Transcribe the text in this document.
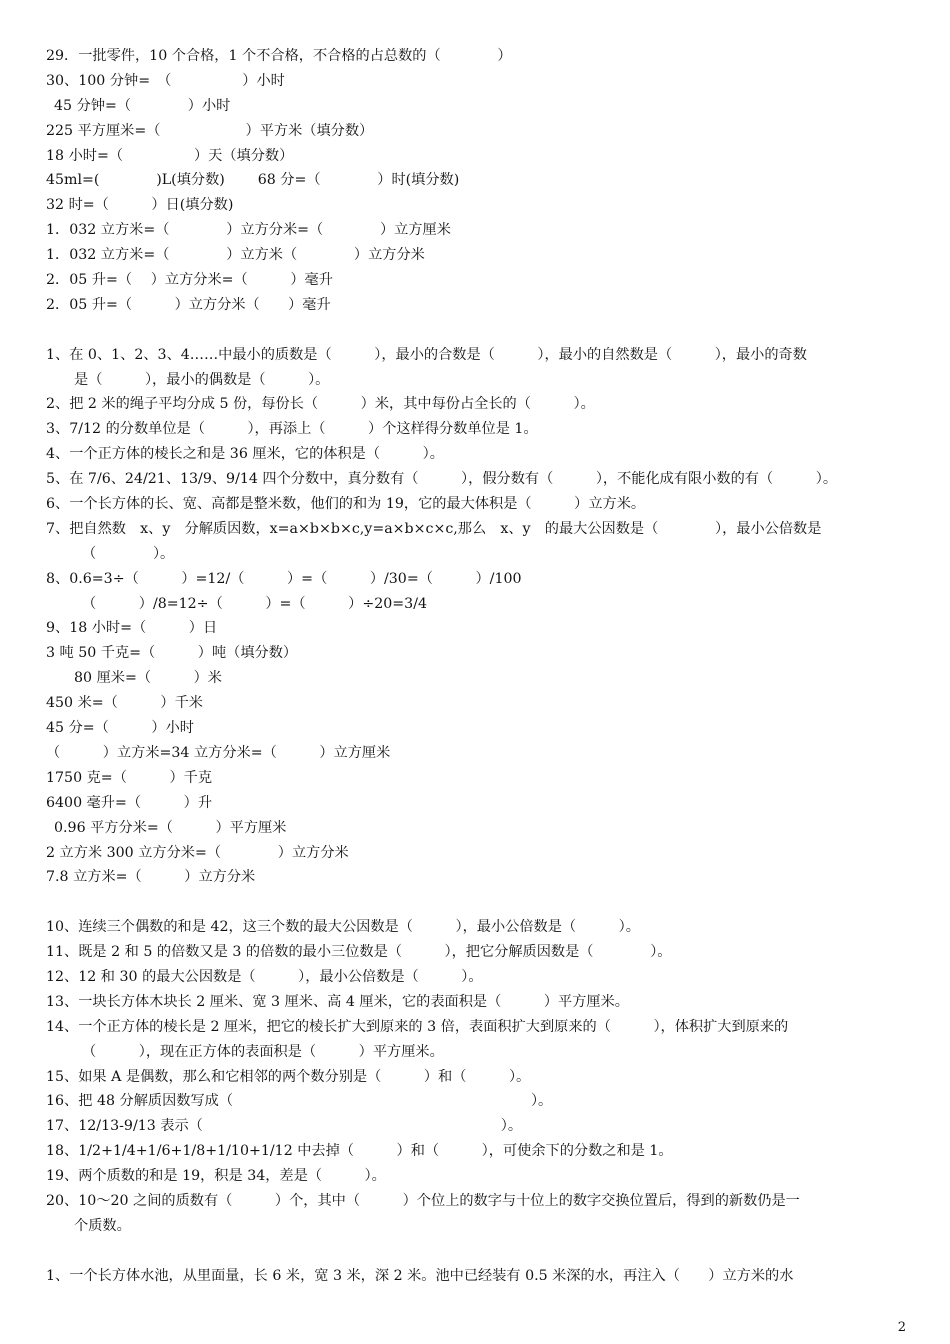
29．一批零件，10 个合格，1 个不合格，不合格的占总数的（　　　　）
30、100 分钟=　（　　　　　）小时
45 分钟=（　　　　）小时
225 平方厘米=（　　　　　　）平方米（填分数）
18 小时=（　　　　　）天（填分数）
45ml=(　　　　)L(填分数)　　 68 分=（　　　　）时(填分数)
32 时=（　　　）日(填分数)
1．032 立方米=（　　　　）立方分米=（　　　　）立方厘米
1．032 立方米=（　　　　）立方米（　　　　）立方分米
2．05 升=（　 ）立方分米=（　　　）毫升
2．05 升=（　　　）立方分米（　　）毫升
1、在 0、1、2、3、4……中最小的质数是（　　　），最小的合数是（　　　），最小的自然数是（　　　），最小的奇数
是（　　　），最小的偶数是（　　　）。
2、把 2 米的绳子平均分成 5 份，每份长（　　　）米，其中每份占全长的（　　　）。
3、7/12 的分数单位是（　　　），再添上（　　　）个这样得分数单位是 1。
4、一个正方体的棱长之和是 36 厘米，它的体积是（　　　）。
5、在 7/6、24/21、13/9、9/14 四个分数中，真分数有（　　　），假分数有（　　　），不能化成有限小数的有（　　　）。
6、一个长方体的长、宽、高都是整米数，他们的和为 19，它的最大体积是（　　　）立方米。
7、把自然数　x、y　分解质因数，x=a×b×b×c,y=a×b×c×c,那么　x、y　的最大公因数是（　　　　），最小公倍数是
（　　　　）。
8、0.6=3÷（　　　）=12/（　　　）=（　　　）/30=（　　　）/100
（　　　）/8=12÷（　　　）=（　　　）÷20=3/4
9、18 小时=（　　　）日
3 吨 50 千克=（　　　）吨（填分数）
80 厘米=（　　　）米
450 米=（　　　）千米
45 分=（　　　）小时
（　　　）立方米=34 立方分米=（　　　）立方厘米
1750 克=（　　　）千克
6400 毫升=（　　　）升
0.96 平方分米=（　　　）平方厘米
2 立方米 300 立方分米=（　　　　）立方分米
7.8 立方米=（　　　）立方分米
10、连续三个偶数的和是 42，这三个数的最大公因数是（　　　），最小公倍数是（　　　）。
11、既是 2 和 5 的倍数又是 3 的倍数的最小三位数是（　　　），把它分解质因数是（　　　　）。
12、12 和 30 的最大公因数是（　　　），最小公倍数是（　　　）。
13、一块长方体木块长 2 厘米、宽 3 厘米、高 4 厘米，它的表面积是（　　　）平方厘米。
14、一个正方体的棱长是 2 厘米，把它的棱长扩大到原来的 3 倍，表面积扩大到原来的（　　　），体积扩大到原来的
（　　　），现在正方体的表面积是（　　　）平方厘米。
15、如果 A 是偶数，那么和它相邻的两个数分别是（　　　）和（　　　）。
16、把 48 分解质因数写成（　　　　　　　　　　　　　　　　　　　　　）。
17、12/13-9/13 表示（　　　　　　　　　　　　　　　　　　　　　）。
18、1/2+1/4+1/6+1/8+1/10+1/12 中去掉（　　　）和（　　　），可使余下的分数之和是 1。
19、两个质数的和是 19，积是 34，差是（　　　）。
20、10～20 之间的质数有（　　　）个，其中（　　　）个位上的数字与十位上的数字交换位置后，得到的新数仍是一
个质数。
1、一个长方体水池，从里面量，长 6 米，宽 3 米，深 2 米。池中已经装有 0.5 米深的水，再注入（　　）立方米的水
2
